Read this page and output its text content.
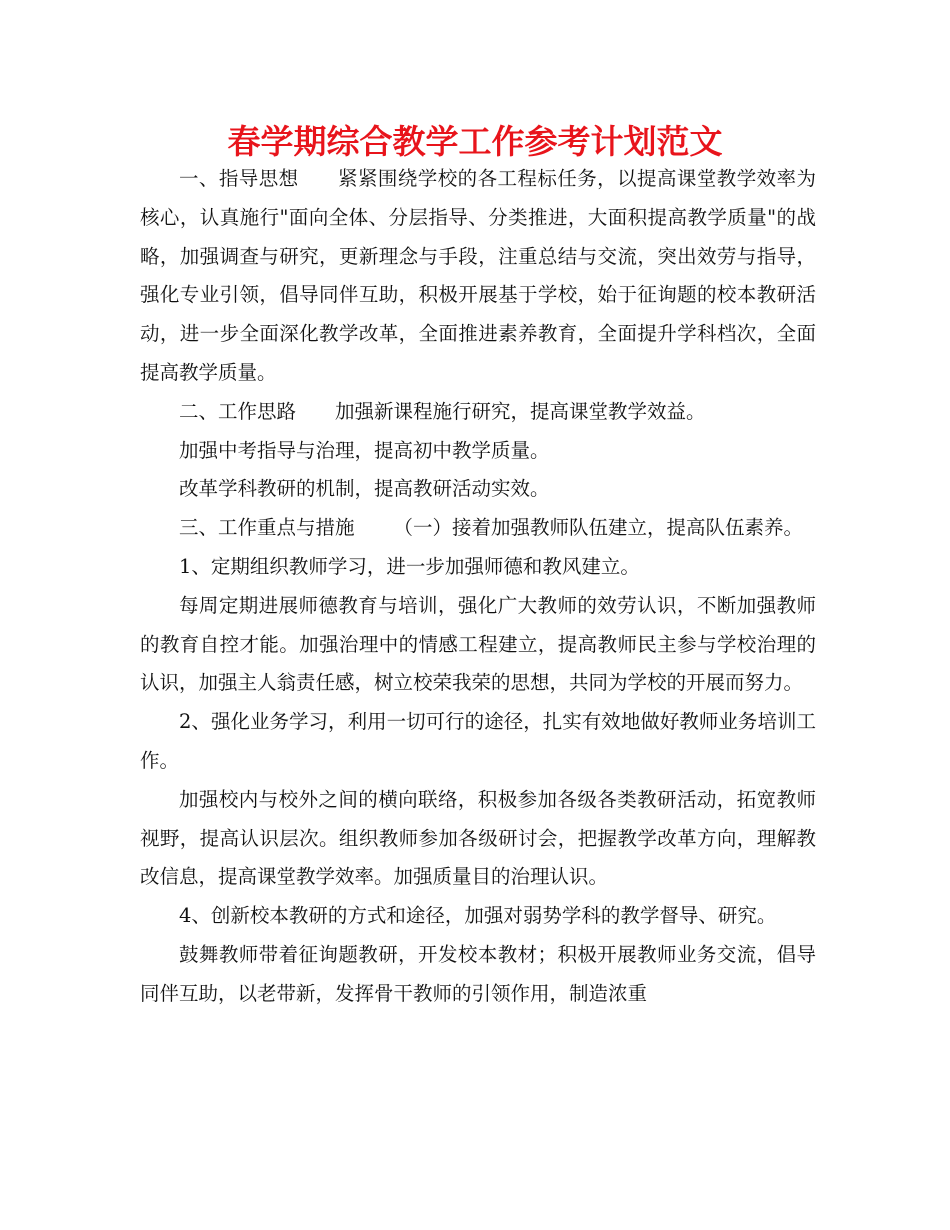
春学期综合教学工作参考计划范文

一、指导思想 紧紧围绕学校的各工程标任务，以提高课堂教学效率为核心，认真施行"面向全体、分层指导、分类推进，大面积提高教学质量"的战略，加强调查与研究，更新理念与手段，注重总结与交流，突出效劳与指导，强化专业引领，倡导同伴互助，积极开展基于学校，始于征询题的校本教研活动，进一步全面深化教学改革，全面推进素养教育，全面提升学科档次，全面提高教学质量。

二、工作思路 加强新课程施行研究，提高课堂教学效益。

加强中考指导与治理，提高初中教学质量。

改革学科教研的机制，提高教研活动实效。

三、工作重点与措施 （一）接着加强教师队伍建立，提高队伍素养。

1、定期组织教师学习，进一步加强师德和教风建立。

每周定期进展师德教育与培训，强化广大教师的效劳认识，不断加强教师的教育自控才能。加强治理中的情感工程建立，提高教师民主参与学校治理的认识，加强主人翁责任感，树立校荣我荣的思想，共同为学校的开展而努力。

2、强化业务学习，利用一切可行的途径，扎实有效地做好教师业务培训工作。

加强校内与校外之间的横向联络，积极参加各级各类教研活动，拓宽教师视野，提高认识层次。组织教师参加各级研讨会，把握教学改革方向，理解教改信息，提高课堂教学效率。加强质量目的治理认识。

4、创新校本教研的方式和途径，加强对弱势学科的教学督导、研究。

鼓舞教师带着征询题教研，开发校本教材；积极开展教师业务交流，倡导同伴互助，以老带新，发挥骨干教师的引领作用，制造浓重
